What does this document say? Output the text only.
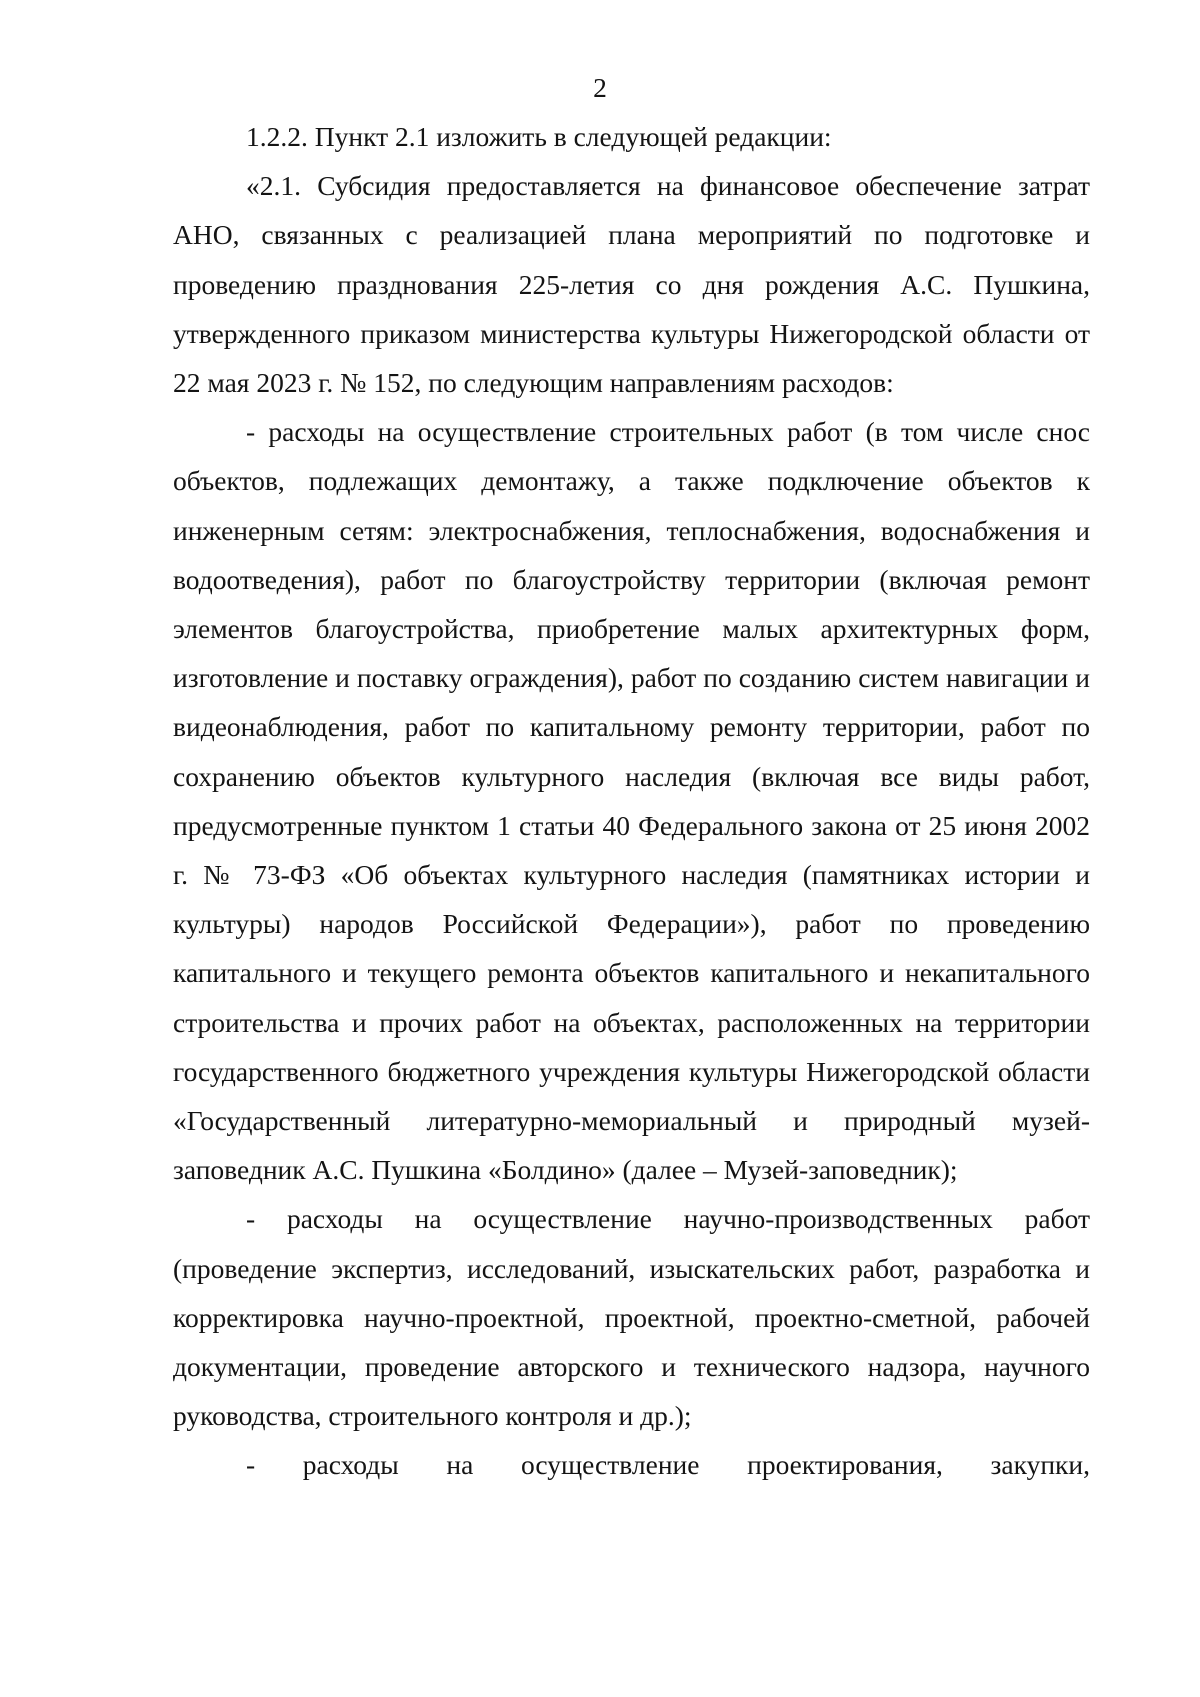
2

1.2.2. Пункт 2.1 изложить в следующей редакции:

«2.1. Субсидия предоставляется на финансовое обеспечение затрат АНО, связанных с реализацией плана мероприятий по подготовке и проведению празднования 225-летия со дня рождения А.С. Пушкина, утвержденного приказом министерства культуры Нижегородской области от 22 мая 2023 г. № 152, по следующим направлениям расходов:

- расходы на осуществление строительных работ (в том числе снос объектов, подлежащих демонтажу, а также подключение объектов к инженерным сетям: электроснабжения, теплоснабжения, водоснабжения и водоотведения), работ по благоустройству территории (включая ремонт элементов благоустройства, приобретение малых архитектурных форм, изготовление и поставку ограждения), работ по созданию систем навигации и видеонаблюдения, работ по капитальному ремонту территории, работ по сохранению объектов культурного наследия (включая все виды работ, предусмотренные пунктом 1 статьи 40 Федерального закона от 25 июня 2002 г. № 73-ФЗ «Об объектах культурного наследия (памятниках истории и культуры) народов Российской Федерации»), работ по проведению капитального и текущего ремонта объектов капитального и некапитального строительства и прочих работ на объектах, расположенных на территории государственного бюджетного учреждения культуры Нижегородской области «Государственный литературно-мемориальный и природный музей-заповедник А.С. Пушкина «Болдино» (далее – Музей-заповедник);

- расходы на осуществление научно-производственных работ (проведение экспертиз, исследований, изыскательских работ, разработка и корректировка научно-проектной, проектной, проектно-сметной, рабочей документации, проведение авторского и технического надзора, научного руководства, строительного контроля и др.);

- расходы на осуществление проектирования, закупки,
